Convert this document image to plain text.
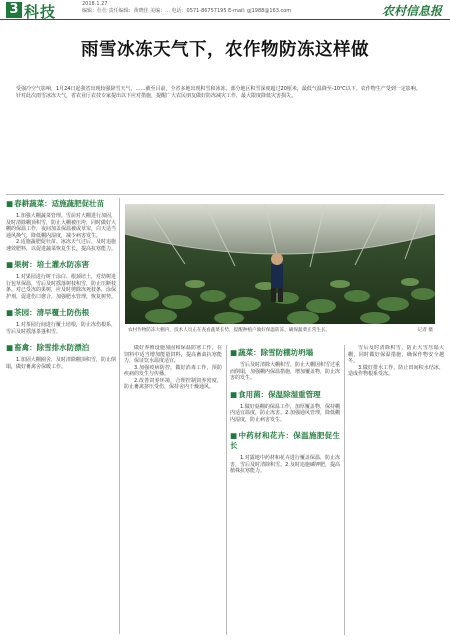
3 科技	2018.1.27
编辑：仕仕 责任编辑：黄晓佳 美编：... 电话：0571-86757195 E-mail: gj1988@163.com	农村信息报
雨雪冰冻天气下，农作物防冻这样做

受强冷空气影响，1月24日起我省出现较强降雪天气，……截至目前，全省多地出现积雪和冰冻，部分地区积雪深度超过20厘米，最低气温降至-10℃以下。农作物生产受到一定影响。

针对此次雨雪冰冻天气，省农业厅农技专家提出以下应对措施，提醒广大农民朋友做好防冻减灾工作，最大限度降低灾害损失。

■春耕蔬菜：适施蔬肥促壮苗

1.加强大棚蔬菜管理。雪前对大棚进行加固，及时清除棚顶积雪，防止大棚被压垮，同时做好大棚的保温工作，夜间加盖保温被或草帘，白天适当通风换气，降低棚内湿度，减少病害发生。

2.适施蔬肥促壮苗。冰冻天气过后，及时追施速效肥料，以促进蔬菜恢复生长，提高抗寒能力。

■果树：培土灌水防冻害

1.对果园进行树干涂白、根颈培土，对幼树进行包草保温，雪后及时摇落树枝积雪，防止压断枝条。对已受冻的果树，应及时剪除冻死枝条，涂保护剂，促进伤口愈合，加强肥水管理，恢复树势。

■茶园：清早覆土防伤根

1.对茶园行间进行覆土培根，防止冻伤根系，雪后及时摇落茶蓬积雪。

■畜禽：除雪排水防漂泊

1.加固大棚圈舍，及时清除棚顶积雪，防止倒塌，做好畜禽舍保暖工作。

记者 摄
农村作物防冻大棚内，技术人员正在查看蔬菜长势，提醒种植户做好保温防冻，确保蔬菜正常生长。

做好养殖设施加固和保温防寒工作。在饲料中适当增加能量饲料，提高畜禽抗寒能力，保证饮水温度适宜。

3.加强疫病防控，做好消毒工作，预防疾病的发生与传播。

2.改善饲养环境，合理控制饲养密度，防止畜禽挤压受伤，保持舍内干燥通风。

■蔬菜：除雪防棚坊坍塌

雪后及时清除大棚积雪，防止大棚因积雪过重而倒塌，加强棚内保温措施，增加覆盖物，防止冻害的发生。

■食用菌：保温除湿重管理

1.做好菇棚的保温工作，加厚覆盖物，保持棚内适宜温度，防止冻害。2.加强通风管理，降低棚内湿度，防止病害发生。

■中药材和花卉：保温施肥促生长

1.对露地中药材和花卉进行覆盖保温，防止冻害，雪后及时清除积雪。2.及时追施磷钾肥，提高植株抗寒能力。

雪后及时清除积雪，防止大雪压塌大棚，同时做好保温措施，确保作物安全越冬。

3.做好排水工作，防止田间积水结冰，造成作物根系受冻。
